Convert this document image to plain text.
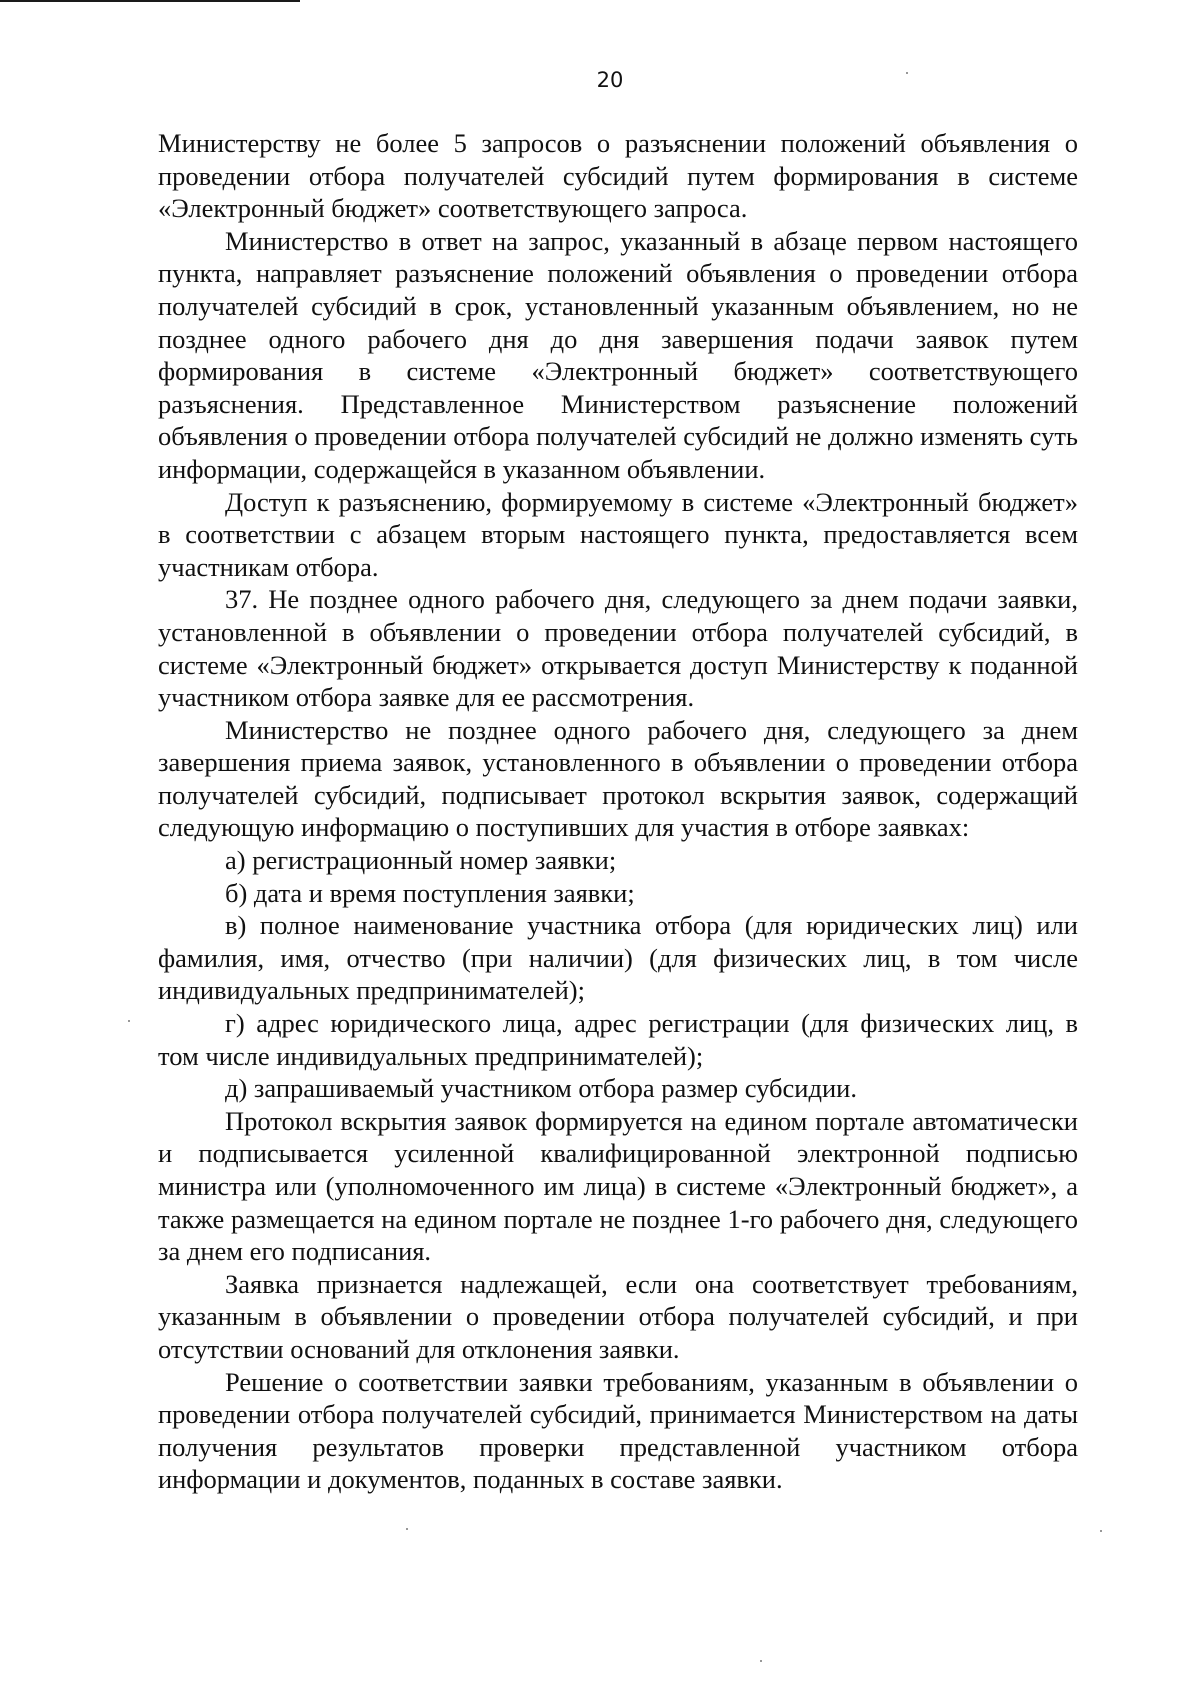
20

Министерству не более 5 запросов о разъяснении положений объявления о проведении отбора получателей субсидий путем формирования в системе «Электронный бюджет» соответствующего запроса.

Министерство в ответ на запрос, указанный в абзаце первом настоящего пункта, направляет разъяснение положений объявления о проведении отбора получателей субсидий в срок, установленный указанным объявлением, но не позднее одного рабочего дня до дня завершения подачи заявок путем формирования в системе «Электронный бюджет» соответствующего разъяснения. Представленное Министерством разъяснение положений объявления о проведении отбора получателей субсидий не должно изменять суть информации, содержащейся в указанном объявлении.

Доступ к разъяснению, формируемому в системе «Электронный бюджет» в соответствии с абзацем вторым настоящего пункта, предоставляется всем участникам отбора.

37. Не позднее одного рабочего дня, следующего за днем подачи заявки, установленной в объявлении о проведении отбора получателей субсидий, в системе «Электронный бюджет» открывается доступ Министерству к поданной участником отбора заявке для ее рассмотрения.

Министерство не позднее одного рабочего дня, следующего за днем завершения приема заявок, установленного в объявлении о проведении отбора получателей субсидий, подписывает протокол вскрытия заявок, содержащий следующую информацию о поступивших для участия в отборе заявках:

а) регистрационный номер заявки;

б) дата и время поступления заявки;

в) полное наименование участника отбора (для юридических лиц) или фамилия, имя, отчество (при наличии) (для физических лиц, в том числе индивидуальных предпринимателей);

г) адрес юридического лица, адрес регистрации (для физических лиц, в том числе индивидуальных предпринимателей);

д) запрашиваемый участником отбора размер субсидии.

Протокол вскрытия заявок формируется на едином портале автоматически и подписывается усиленной квалифицированной электронной подписью министра или (уполномоченного им лица) в системе «Электронный бюджет», а также размещается на едином портале не позднее 1-го рабочего дня, следующего за днем его подписания.

Заявка признается надлежащей, если она соответствует требованиям, указанным в объявлении о проведении отбора получателей субсидий, и при отсутствии оснований для отклонения заявки.

Решение о соответствии заявки требованиям, указанным в объявлении о проведении отбора получателей субсидий, принимается Министерством на даты получения результатов проверки представленной участником отбора информации и документов, поданных в составе заявки.
